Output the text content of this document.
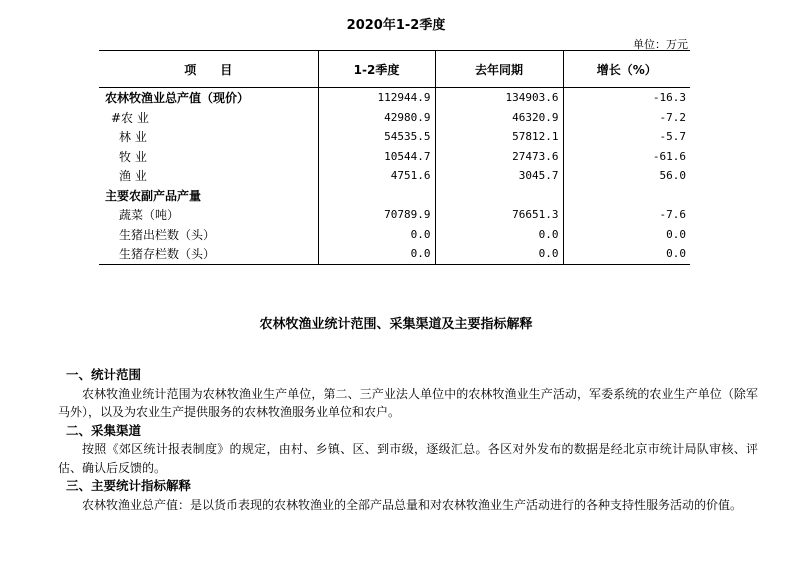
2020年1-2季度
单位：万元
项　　目	1-2季度	去年同期	增长（%）
农林牧渔业总产值（现价）	112944.9	134903.6	-16.3
#农 业	42980.9	46320.9	-7.2
林 业	54535.5	57812.1	-5.7
牧 业	10544.7	27473.6	-61.6
渔 业	4751.6	3045.7	56.0
主要农副产品产量			
蔬菜（吨）	70789.9	76651.3	-7.6
生猪出栏数（头）	0.0	0.0	0.0
生猪存栏数（头）	0.0	0.0	0.0
农林牧渔业统计范围、采集渠道及主要指标解释
一、统计范围

农林牧渔业统计范围为农林牧渔业生产单位，第二、三产业法人单位中的农林牧渔业生产活动，军委系统的农业生产单位（除军马外），以及为农业生产提供服务的农林牧渔服务业单位和农户。

二、采集渠道

按照《郊区统计报表制度》的规定，由村、乡镇、区、到市级，逐级汇总。各区对外发布的数据是经北京市统计局队审核、评估、确认后反馈的。

三、主要统计指标解释

农林牧渔业总产值：是以货币表现的农林牧渔业的全部产品总量和对农林牧渔业生产活动进行的各种支持性服务活动的价值。
